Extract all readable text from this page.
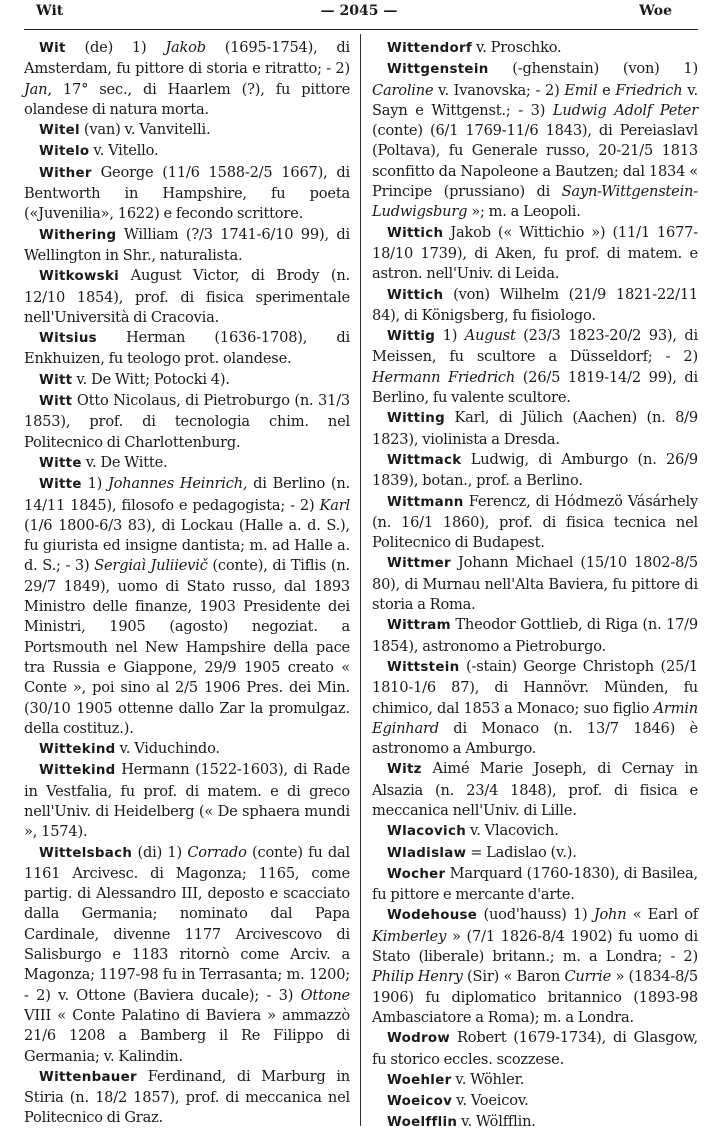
Wit	— 2045 —	Woe

Wit (de) 1) Jakob (1695-1754), di Amsterdam, fu pittore di storia e ritratto; - 2) Jan, 17° sec., di Haarlem (?), fu pittore olandese di natura morta.

Witel (van) v. Vanvitelli.

Witelo v. Vitello.

Wither George (11/6 1588-2/5 1667), di Bentworth in Hampshire, fu poeta («Juvenilia», 1622) e fecondo scrittore.

Withering William (?/3 1741-6/10 99), di Wellington in Shr., naturalista.

Witkowski August Victor, di Brody (n. 12/10 1854), prof. di fisica sperimentale nell'Università di Cracovia.

Witsius Herman (1636-1708), di Enkhuizen, fu teologo prot. olandese.

Witt v. De Witt; Potocki 4).

Witt Otto Nicolaus, di Pietroburgo (n. 31/3 1853), prof. di tecnologia chim. nel Politecnico di Charlottenburg.

Witte v. De Witte.

Witte 1) Johannes Heinrich, di Berlino (n. 14/11 1845), filosofo e pedagogista; - 2) Karl (1/6 1800-6/3 83), di Lockau (Halle a. d. S.), fu giurista ed insigne dantista; m. ad Halle a. d. S.; - 3) Sergiaì Juliievič (conte), di Tiflis (n. 29/7 1849), uomo di Stato russo, dal 1893 Ministro delle finanze, 1903 Presidente dei Ministri, 1905 (agosto) negoziat. a Portsmouth nel New Hampshire della pace tra Russia e Giappone, 29/9 1905 creato « Conte », poi sino al 2/5 1906 Pres. dei Min. (30/10 1905 ottenne dallo Zar la promulgaz. della costituz.).

Wittekind v. Viduchindo.

Wittekind Hermann (1522-1603), di Rade in Vestfalia, fu prof. di matem. e di greco nell'Univ. di Heidelberg (« De sphaera mundi », 1574).

Wittelsbach (di) 1) Corrado (conte) fu dal 1161 Arcivesc. di Magonza; 1165, come partig. di Alessandro III, deposto e scacciato dalla Germania; nominato dal Papa Cardinale, divenne 1177 Arcivescovo di Salisburgo e 1183 ritornò come Arciv. a Magonza; 1197-98 fu in Terrasanta; m. 1200; - 2) v. Ottone (Baviera ducale); - 3) Ottone VIII « Conte Palatino di Baviera » ammazzò 21/6 1208 a Bamberg il Re Filippo di Germania; v. Kalindin.

Wittenbauer Ferdinand, di Marburg in Stiria (n. 18/2 1857), prof. di meccanica nel Politecnico di Graz.

Wittendorf v. Proschko.

Wittgenstein (-ghenstain) (von) 1) Caroline v. Ivanovska; - 2) Emil e Friedrich v. Sayn e Wittgenst.; - 3) Ludwig Adolf Peter (conte) (6/1 1769-11/6 1843), di Pereiaslavl (Poltava), fu Generale russo, 20-21/5 1813 sconfitto da Napoleone a Bautzen; dal 1834 « Principe (prussiano) di Sayn-Wittgenstein-Ludwigsburg »; m. a Leopoli.

Wittich Jakob (« Wittichio ») (11/1 1677-18/10 1739), di Aken, fu prof. di matem. e astron. nell'Univ. di Leida.

Wittich (von) Wilhelm (21/9 1821-22/11 84), di Königsberg, fu fisiologo.

Wittig 1) August (23/3 1823-20/2 93), di Meissen, fu scultore a Düsseldorf; - 2) Hermann Friedrich (26/5 1819-14/2 99), di Berlino, fu valente scultore.

Witting Karl, di Jülich (Aachen) (n. 8/9 1823), violinista a Dresda.

Wittmack Ludwig, di Amburgo (n. 26/9 1839), botan., prof. a Berlino.

Wittmann Ferencz, di Hódmezö Vásárhely (n. 16/1 1860), prof. di fisica tecnica nel Politecnico di Budapest.

Wittmer Johann Michael (15/10 1802-8/5 80), di Murnau nell'Alta Baviera, fu pittore di storia a Roma.

Wittram Theodor Gottlieb, di Riga (n. 17/9 1854), astronomo a Pietroburgo.

Wittstein (-stain) George Christoph (25/1 1810-1/6 87), di Hannövr. Münden, fu chimico, dal 1853 a Monaco; suo figlio Armin Eginhard di Monaco (n. 13/7 1846) è astronomo a Amburgo.

Witz Aimé Marie Joseph, di Cernay in Alsazia (n. 23/4 1848), prof. di fisica e meccanica nell'Univ. di Lille.

Wlacovich v. Vlacovich.

Wladislaw = Ladislao (v.).

Wocher Marquard (1760-1830), di Basilea, fu pittore e mercante d'arte.

Wodehouse (uod'hauss) 1) John « Earl of Kimberley » (7/1 1826-8/4 1902) fu uomo di Stato (liberale) britann.; m. a Londra; - 2) Philip Henry (Sir) « Baron Currie » (1834-8/5 1906) fu diplomatico britannico (1893-98 Ambasciatore a Roma); m. a Londra.

Wodrow Robert (1679-1734), di Glasgow, fu storico eccles. scozzese.

Woehler v. Wöhler.

Woeicov v. Voeicov.

Woelfflin v. Wölfflin.
